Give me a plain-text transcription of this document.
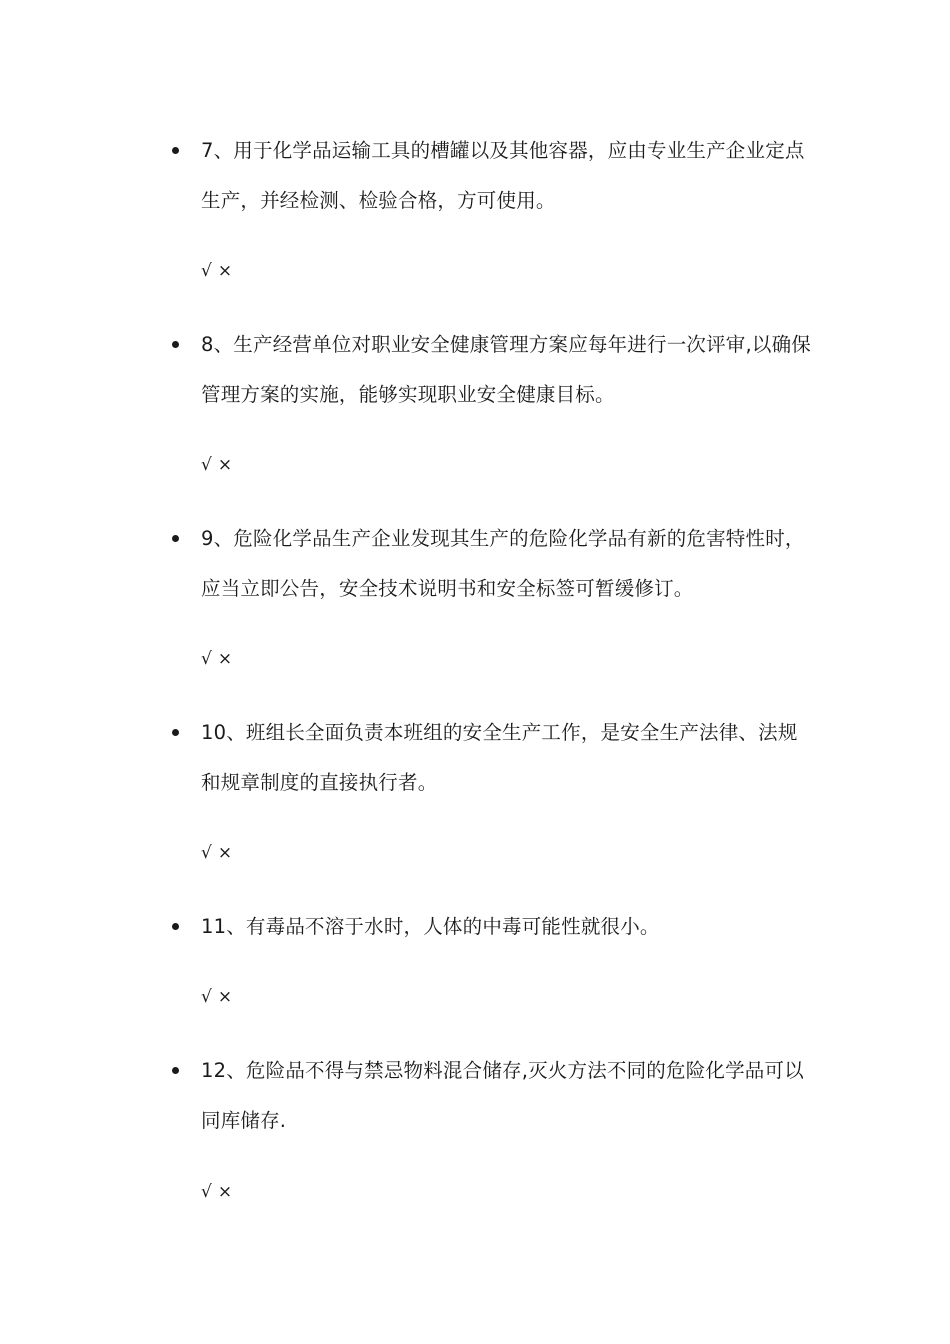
7、用于化学品运输工具的槽罐以及其他容器，应由专业生产企业定点生产，并经检测、检验合格，方可使用。

√ ×

8、生产经营单位对职业安全健康管理方案应每年进行一次评审,以确保管理方案的实施，能够实现职业安全健康目标。

√ ×

9、危险化学品生产企业发现其生产的危险化学品有新的危害特性时，应当立即公告，安全技术说明书和安全标签可暂缓修订。

√ ×

10、班组长全面负责本班组的安全生产工作，是安全生产法律、法规和规章制度的直接执行者。

√ ×

11、有毒品不溶于水时，人体的中毒可能性就很小。

√ ×

12、危险品不得与禁忌物料混合储存,灭火方法不同的危险化学品可以同库储存.

√ ×
